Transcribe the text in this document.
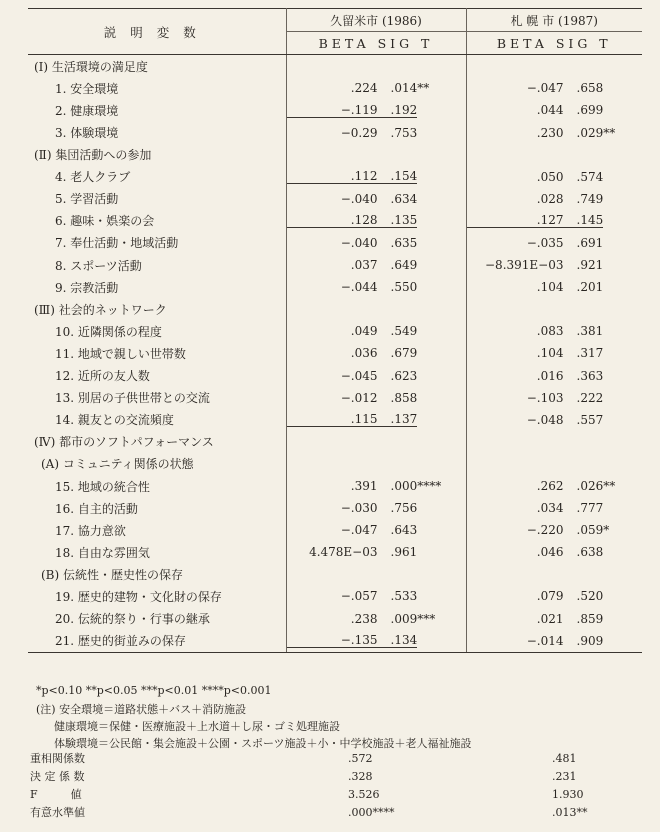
説明変数	久留米市 (1986)	札 幌 市 (1987)
	BETA SIG T	BETA SIG T
(Ⅰ) 生活環境の満足度		
1. 安全環境	.224 .014**	−.047 .658

2. 健康環境	−.119 .192	.044 .699

3. 体験環境	−0.29 .753	.230 .029**

(Ⅱ) 集団活動への参加		
4. 老人クラブ	.112 .154	.050 .574

5. 学習活動	−.040 .634	.028 .749

6. 趣味・娯楽の会	.128 .135	.127 .145

7. 奉仕活動・地域活動	−.040 .635	−.035 .691

8. スポーツ活動	.037 .649	−8.391E−03 .921

9. 宗教活動	−.044 .550	.104 .201

(Ⅲ) 社会的ネットワーク		
10. 近隣関係の程度	.049 .549	.083 .381

11. 地域で親しい世帯数	.036 .679	.104 .317

12. 近所の友人数	−.045 .623	.016 .363

13. 別居の子供世帯との交流	−.012 .858	−.103 .222

14. 親友との交流頻度	.115 .137	−.048 .557

(Ⅳ) 都市のソフトパフォーマンス		
(A) コミュニティ関係の状態		
15. 地域の統合性	.391 .000****	.262 .026**

16. 自主的活動	−.030 .756	.034 .777

17. 協力意欲	−.047 .643	−.220 .059*

18. 自由な雰囲気	4.478E−03 .961	.046 .638

(B) 伝統性・歴史性の保存		
19. 歴史的建物・文化財の保存	−.057 .533	.079 .520

20. 伝統的祭り・行事の継承	.238 .009***	.021 .859

21. 歴史的街並みの保存	−.135 .134	−.014 .909
*p<0.10 **p<0.05 ***p<0.01 ****p<0.001
(注) 安全環境＝道路状態＋バス＋消防施設
健康環境＝保健・医療施設＋上水道＋し尿・ゴミ処理施設
体験環境＝公民館・集会施設＋公園・スポーツ施設＋小・中学校施設＋老人福祉施設
重相関係数	.572	.481
決 定 係 数	.328	.231
F　　　値	3.526	1.930
有意水準値	.000****	.013**
